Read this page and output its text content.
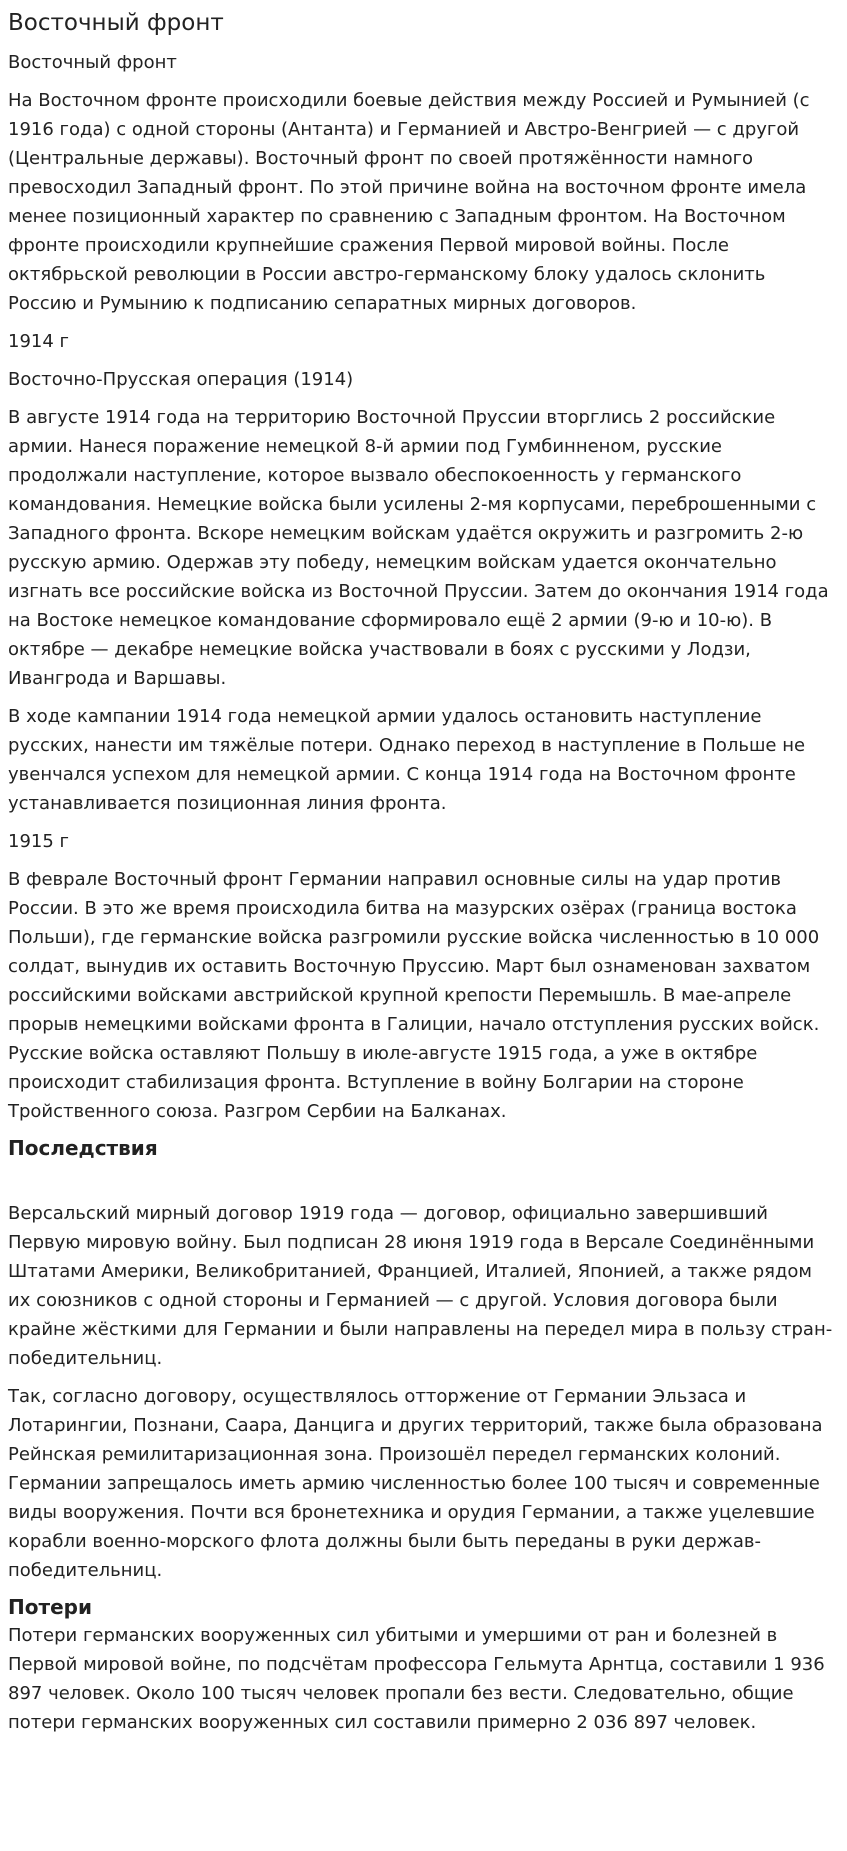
Восточный фронт

Восточный фронт

На Восточном фронте происходили боевые действия между Россией и Румынией (с 1916 года) с одной стороны (Антанта) и Германией и Австро-Венгрией — с другой (Центральные державы). Восточный фронт по своей протяжённости намного превосходил Западный фронт. По этой причине война на восточном фронте имела менее позиционный характер по сравнению с Западным фронтом. На Восточном фронте происходили крупнейшие сражения Первой мировой войны. После октябрьской революции в России австро-германскому блоку удалось склонить Россию и Румынию к подписанию сепаратных мирных договоров.

1914 г

Восточно-Прусская операция (1914)

В августе 1914 года на территорию Восточной Пруссии вторглись 2 российские армии. Нанеся поражение немецкой 8-й армии под Гумбинненом, русские продолжали наступление, которое вызвало обеспокоенность у германского командования. Немецкие войска были усилены 2-мя корпусами, переброшенными с Западного фронта. Вскоре немецким войскам удаётся окружить и разгромить 2-ю русскую армию. Одержав эту победу, немецким войскам удается окончательно изгнать все российские войска из Восточной Пруссии. Затем до окончания 1914 года на Востоке немецкое командование сформировало ещё 2 армии (9-ю и 10-ю). В октябре — декабре немецкие войска участвовали в боях с русскими у Лодзи, Ивангрода и Варшавы.

В ходе кампании 1914 года немецкой армии удалось остановить наступление русских, нанести им тяжёлые потери. Однако переход в наступление в Польше не увенчался успехом для немецкой армии. С конца 1914 года на Восточном фронте устанавливается позиционная линия фронта.

1915 г

В феврале Восточный фронт Германии направил основные силы на удар против России. В это же время происходила битва на мазурских озёрах (граница востока Польши), где германские войска разгромили русские войска численностью в 10 000 солдат, вынудив их оставить Восточную Пруссию. Март был ознаменован захватом российскими войсками австрийской крупной крепости Перемышль. В мае-апреле прорыв немецкими войсками фронта в Галиции, начало отступления русских войск. Русские войска оставляют Польшу в июле-августе 1915 года, а уже в октябре происходит стабилизация фронта. Вступление в войну Болгарии на стороне Тройственного союза. Разгром Сербии на Балканах.

Последствия

Версальский мирный договор 1919 года — договор, официально завершивший Первую мировую войну. Был подписан 28 июня 1919 года в Версале Соединёнными Штатами Америки, Великобританией, Францией, Италией, Японией, а также рядом их союзников с одной стороны и Германией — с другой. Условия договора были крайне жёсткими для Германии и были направлены на передел мира в пользу стран-победительниц.

Так, согласно договору, осуществлялось отторжение от Германии Эльзаса и Лотарингии, Познани, Саара, Данцига и других территорий, также была образована Рейнская ремилитаризационная зона. Произошёл передел германских колоний. Германии запрещалось иметь армию численностью более 100 тысяч и современные виды вооружения. Почти вся бронетехника и орудия Германии, а также уцелевшие корабли военно-морского флота должны были быть переданы в руки держав-победительниц.

Потери

Потери германских вооруженных сил убитыми и умершими от ран и болезней в Первой мировой войне, по подсчётам профессора Гельмута Арнтца, составили 1 936 897 человек. Около 100 тысяч человек пропали без вести. Следовательно, общие потери германских вооруженных сил составили примерно 2 036 897 человек.
